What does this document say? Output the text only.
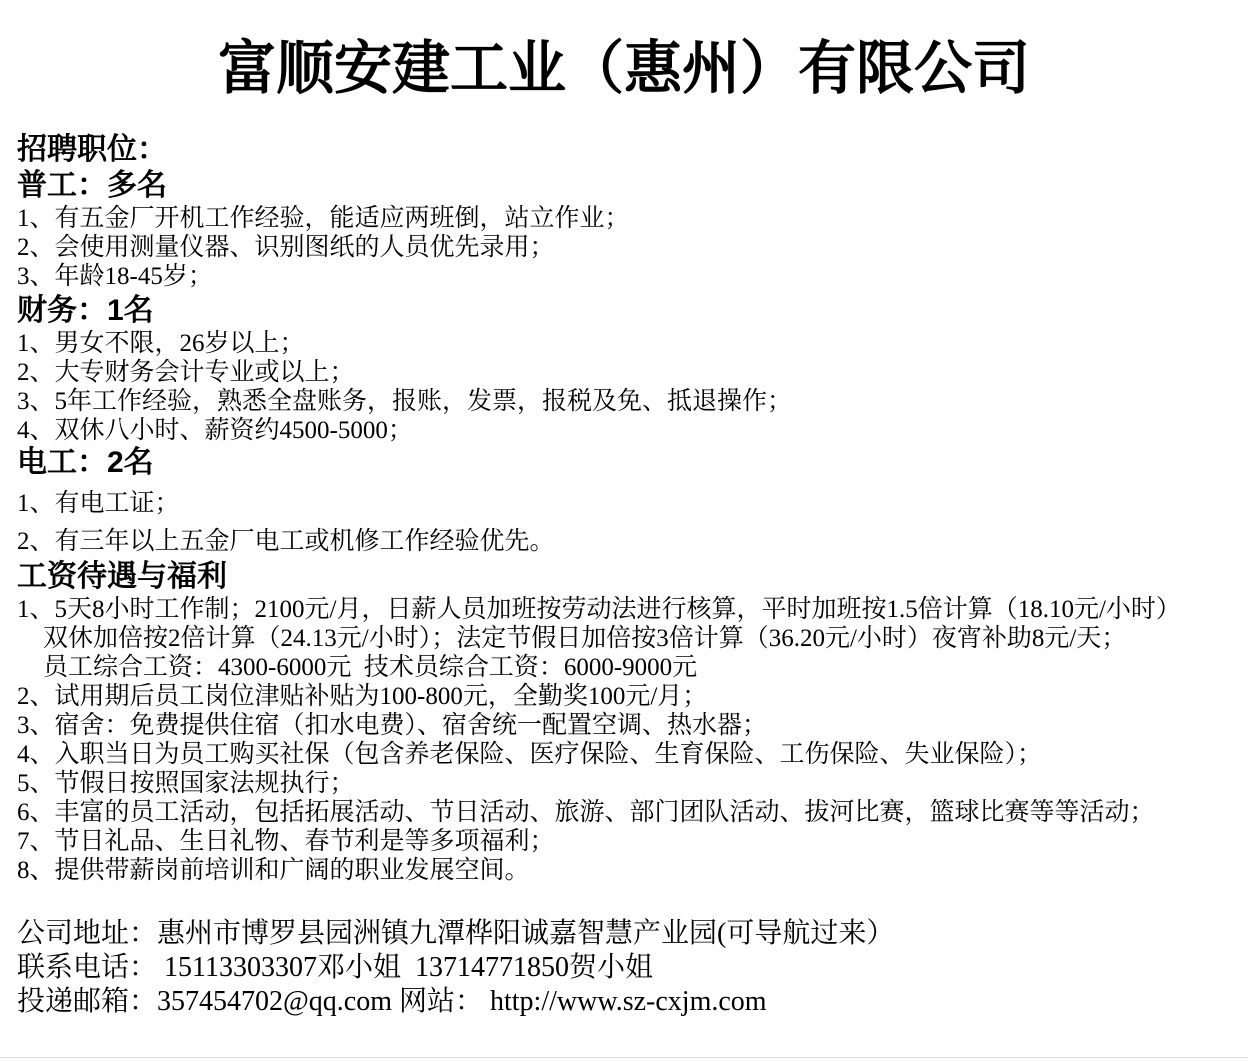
富顺安建工业（惠州）有限公司
招聘职位：
普工：多名
1、有五金厂开机工作经验，能适应两班倒，站立作业；
2、会使用测量仪器、识别图纸的人员优先录用；
3、年龄18-45岁；
财务：1名
1、男女不限，26岁以上；
2、大专财务会计专业或以上；
3、5年工作经验，熟悉全盘账务，报账，发票，报税及免、抵退操作；
4、双休八小时、薪资约4500-5000；
电工：2名
1、有电工证；
2、有三年以上五金厂电工或机修工作经验优先。
工资待遇与福利
1、5天8小时工作制；2100元/月，日薪人员加班按劳动法进行核算，平时加班按1.5倍计算（18.10元/小时）
双休加倍按2倍计算（24.13元/小时）；法定节假日加倍按3倍计算（36.20元/小时）夜宵补助8元/天；
员工综合工资：4300-6000元  技术员综合工资：6000-9000元
2、试用期后员工岗位津贴补贴为100-800元，全勤奖100元/月；
3、宿舍：免费提供住宿（扣水电费）、宿舍统一配置空调、热水器；
4、入职当日为员工购买社保（包含养老保险、医疗保险、生育保险、工伤保险、失业保险）；
5、节假日按照国家法规执行；
6、丰富的员工活动，包括拓展活动、节日活动、旅游、部门团队活动、拔河比赛，篮球比赛等等活动；
7、节日礼品、生日礼物、春节利是等多项福利；
8、提供带薪岗前培训和广阔的职业发展空间。
公司地址：惠州市博罗县园洲镇九潭桦阳诚嘉智慧产业园(可导航过来）
联系电话： 15113303307邓小姐  13714771850贺小姐
投递邮箱：357454702@qq.com 网站： http://www.sz-cxjm.com
